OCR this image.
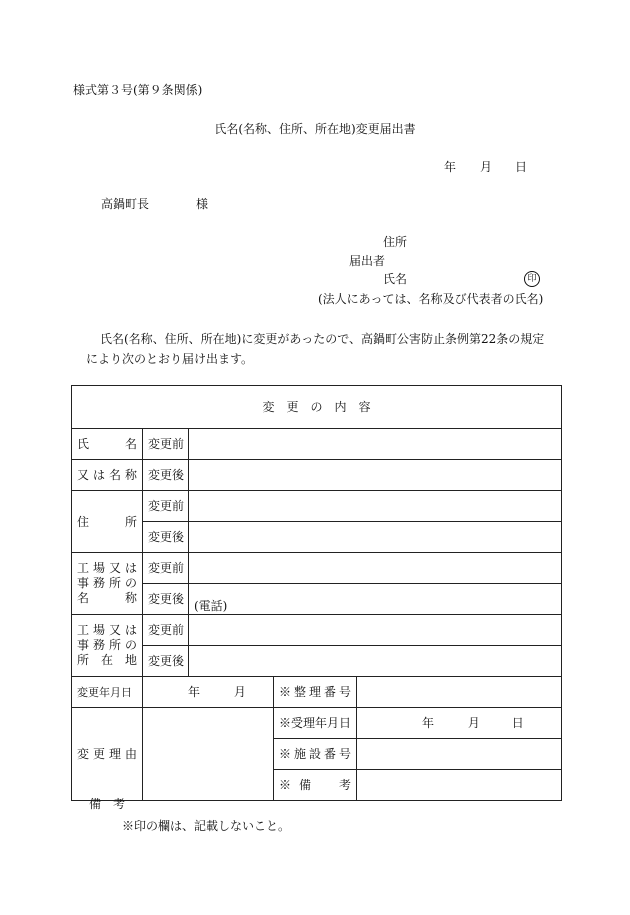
様式第３号(第９条関係)
氏名(名称、住所、所在地)変更届出書
年 月 日
高鍋町長	様
住所
届出者
氏名	印
(法人にあっては、名称及び代表者の氏名)
氏名(名称、住所、所在地)に変更があったので、高鍋町公害防止条例第22条の規定により次のとおり届け出ます。
変　更　の　内　容				
氏　名	変更前			
又は名称	変更後			
住　所	変更前			
	変更後			

工場又は
事務所の
名　称	変更前			
	変更後	(電話)		

工場又は
事務所の
所在地	変更前			
	変更後			
変更年月日	年 月		※整理番号	
変更理由			※受理年月日	年 月 日
			※施設番号	
			※備　考	
備　考
※印の欄は、記載しないこと。
